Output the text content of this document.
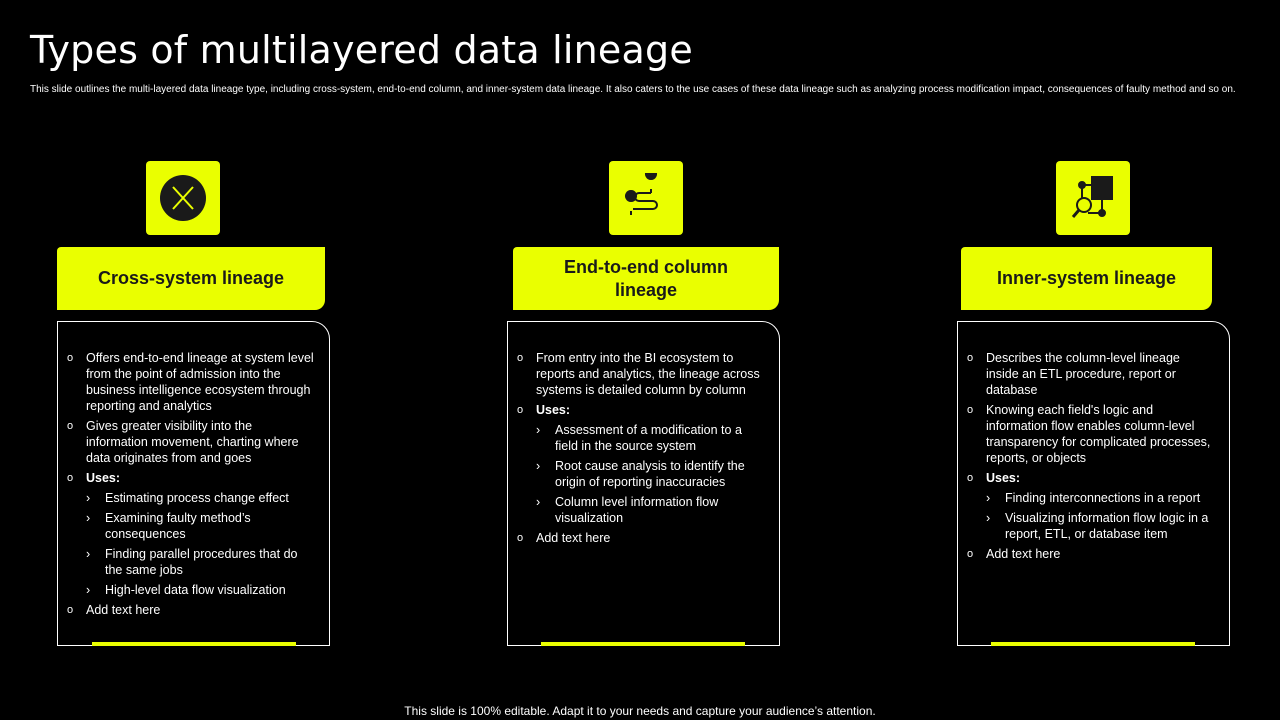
Types of multilayered data lineage
This slide outlines the multi-layered data lineage type, including cross-system, end-to-end column, and inner-system data lineage. It also caters to the use cases of these data lineage such as analyzing process modification impact, consequences of faulty method and so on.
Cross-system lineage
o Offers end-to-end lineage at system level from the point of admission into the business intelligence ecosystem through reporting and analytics
o Gives greater visibility into the information movement, charting where data originates from and goes
o Uses:
› Estimating process change effect
› Examining faulty method’s consequences
› Finding parallel procedures that do the same jobs
› High-level data flow visualization
o Add text here
End-to-end column lineage
o From entry into the BI ecosystem to reports and analytics, the lineage across systems is detailed column by column
o Uses:
› Assessment of a modification to a field in the source system
› Root cause analysis to identify the origin of reporting inaccuracies
› Column level information flow visualization
o Add text here
Inner-system lineage
o Describes the column-level lineage inside an ETL procedure, report or database
o Knowing each field's logic and information flow enables column-level transparency for complicated processes, reports, or objects
o Uses:
› Finding interconnections in a report
› Visualizing information flow logic in a report, ETL, or database item
o Add text here
This slide is 100% editable. Adapt it to your needs and capture your audience’s attention.
